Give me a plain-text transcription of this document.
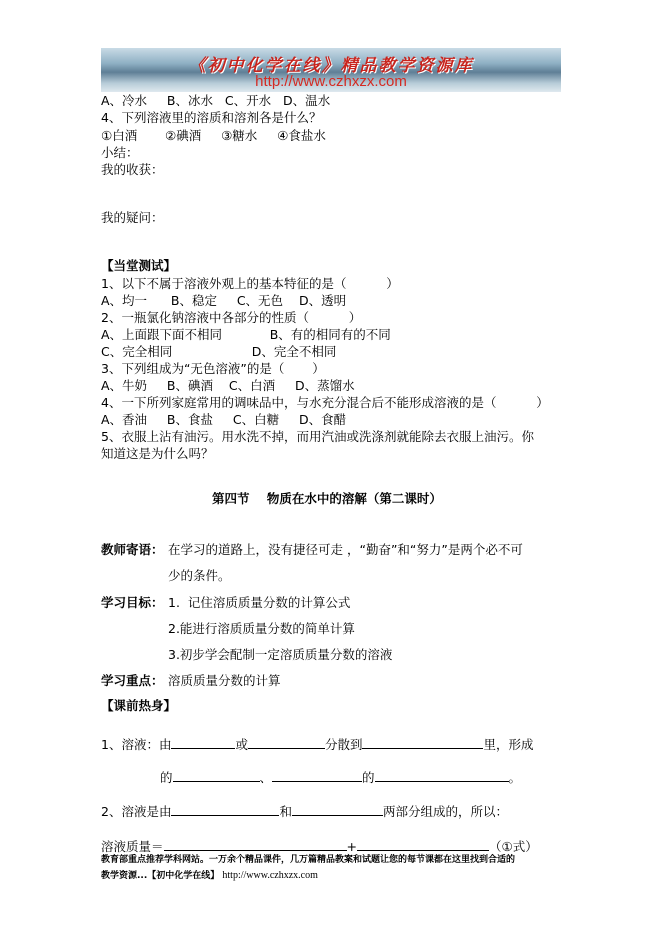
《初中化学在线》精品教学资源库
http://www.czhxzx.com
A、冷水     B、冰水   C、开水   D、温水
4、下列溶液里的溶质和溶剂各是什么？
①白酒       ②碘酒     ③糖水     ④食盐水
小结：
我的收获：
我的疑问：
【当堂测试】
1、以下不属于溶液外观上的基本特征的是（          ）
A、均一      B、稳定     C、无色    D、透明
2、一瓶氯化钠溶液中各部分的性质（          ）
A、上面跟下面不相同            B、有的相同有的不同
C、完全相同                    D、完全不相同
3、下列组成为“无色溶液”的是（       ）
A、牛奶     B、碘酒    C、白酒     D、蒸馏水
4、一下所列家庭常用的调味品中，与水充分混合后不能形成溶液的是（          ）
A、香油     B、食盐     C、白糖     D、食醋
5、衣服上沾有油污。用水洗不掉，而用汽油或洗涤剂就能除去衣服上油污。你
知道这是为什么吗？
第四节    物质在水中的溶解（第二课时）
教师寄语： 在学习的道路上，没有捷径可走 ，“勤奋”和“努力”是两个必不可
少的条件。
学习目标： 1.  记住溶质质量分数的计算公式
2.能进行溶质质量分数的简单计算
3.初步学会配制一定溶质质量分数的溶液
学习重点： 溶质质量分数的计算
【课前热身】
1、溶液：由	或	分散到	里，形成
的	、	的	。
2、溶液是由	和	两部分组成的，所以：
溶液质量＝	+	（①式）
教育部重点推荐学科网站。一万余个精品课件，几万篇精品教案和试题让您的每节课都在这里找到合适的
教学资源...【初中化学在线】 http://www.czhxzx.com
